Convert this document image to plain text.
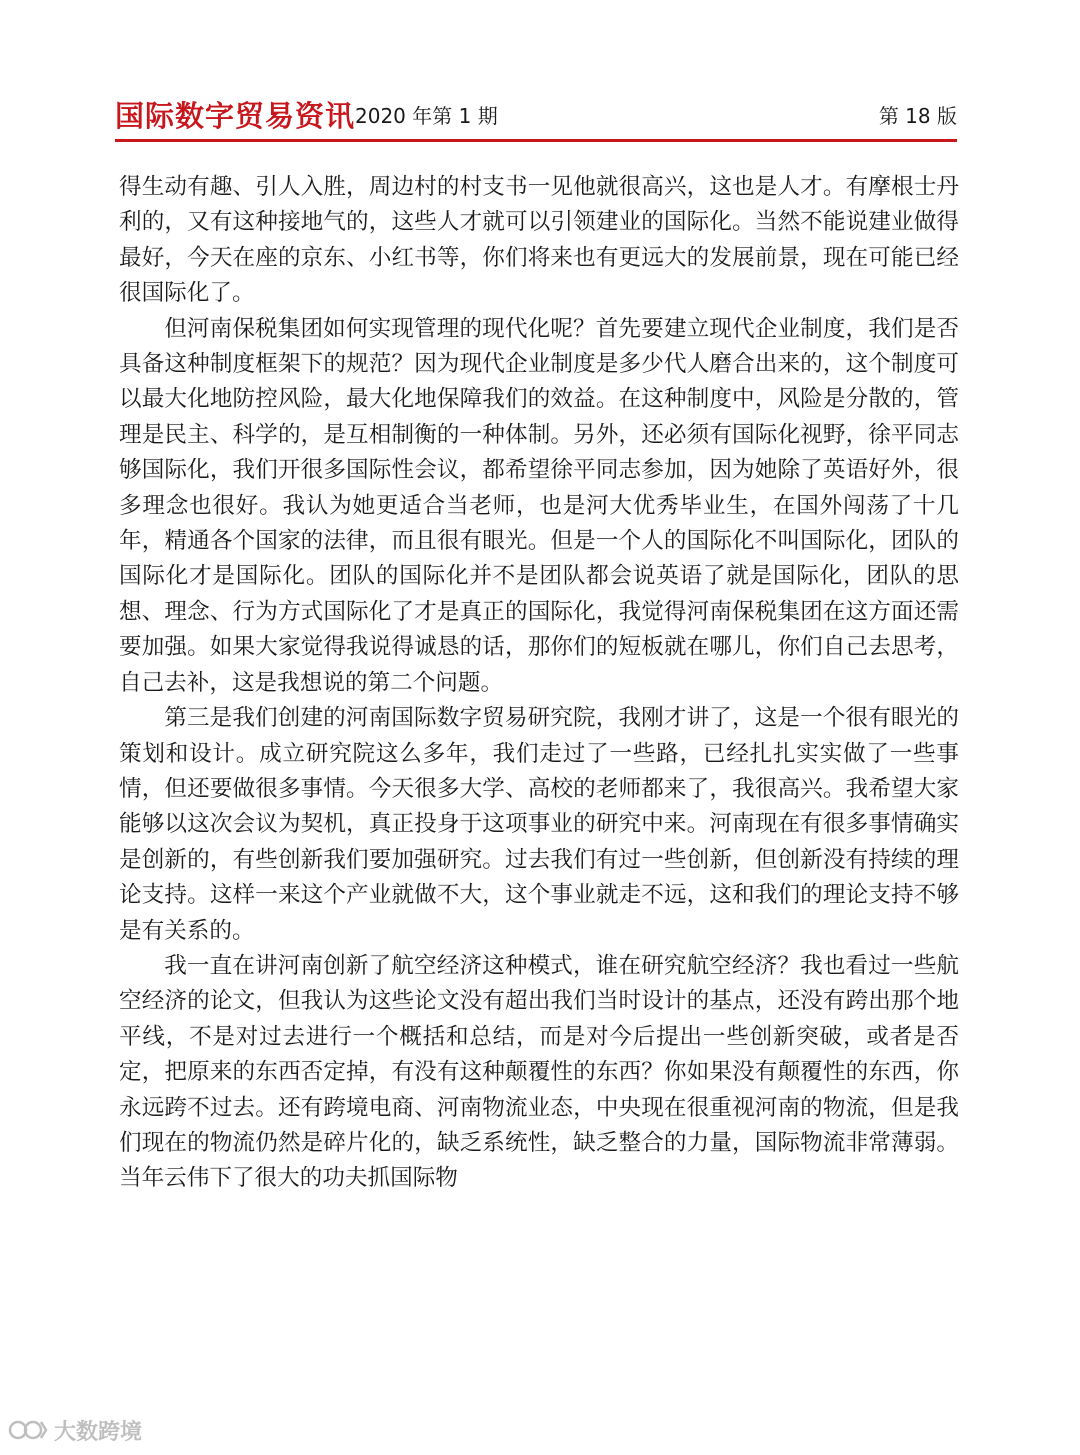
国际数字贸易资讯 2020 年第 1 期	第 18 版

得生动有趣、引人入胜，周边村的村支书一见他就很高兴，这也是人才。有摩根士丹利的，又有这种接地气的，这些人才就可以引领建业的国际化。当然不能说建业做得最好，今天在座的京东、小红书等，你们将来也有更远大的发展前景，现在可能已经很国际化了。

但河南保税集团如何实现管理的现代化呢？首先要建立现代企业制度，我们是否具备这种制度框架下的规范？因为现代企业制度是多少代人磨合出来的，这个制度可以最大化地防控风险，最大化地保障我们的效益。在这种制度中，风险是分散的，管理是民主、科学的，是互相制衡的一种体制。另外，还必须有国际化视野，徐平同志够国际化，我们开很多国际性会议，都希望徐平同志参加，因为她除了英语好外，很多理念也很好。我认为她更适合当老师，也是河大优秀毕业生，在国外闯荡了十几年，精通各个国家的法律，而且很有眼光。但是一个人的国际化不叫国际化，团队的国际化才是国际化。团队的国际化并不是团队都会说英语了就是国际化，团队的思想、理念、行为方式国际化了才是真正的国际化，我觉得河南保税集团在这方面还需要加强。如果大家觉得我说得诚恳的话，那你们的短板就在哪儿，你们自己去思考，自己去补，这是我想说的第二个问题。

第三是我们创建的河南国际数字贸易研究院，我刚才讲了，这是一个很有眼光的策划和设计。成立研究院这么多年，我们走过了一些路，已经扎扎实实做了一些事情，但还要做很多事情。今天很多大学、高校的老师都来了，我很高兴。我希望大家能够以这次会议为契机，真正投身于这项事业的研究中来。河南现在有很多事情确实是创新的，有些创新我们要加强研究。过去我们有过一些创新，但创新没有持续的理论支持。这样一来这个产业就做不大，这个事业就走不远，这和我们的理论支持不够是有关系的。

我一直在讲河南创新了航空经济这种模式，谁在研究航空经济？我也看过一些航空经济的论文，但我认为这些论文没有超出我们当时设计的基点，还没有跨出那个地平线，不是对过去进行一个概括和总结，而是对今后提出一些创新突破，或者是否定，把原来的东西否定掉，有没有这种颠覆性的东西？你如果没有颠覆性的东西，你永远跨不过去。还有跨境电商、河南物流业态，中央现在很重视河南的物流，但是我们现在的物流仍然是碎片化的，缺乏系统性，缺乏整合的力量，国际物流非常薄弱。当年云伟下了很大的功夫抓国际物

大数跨境
